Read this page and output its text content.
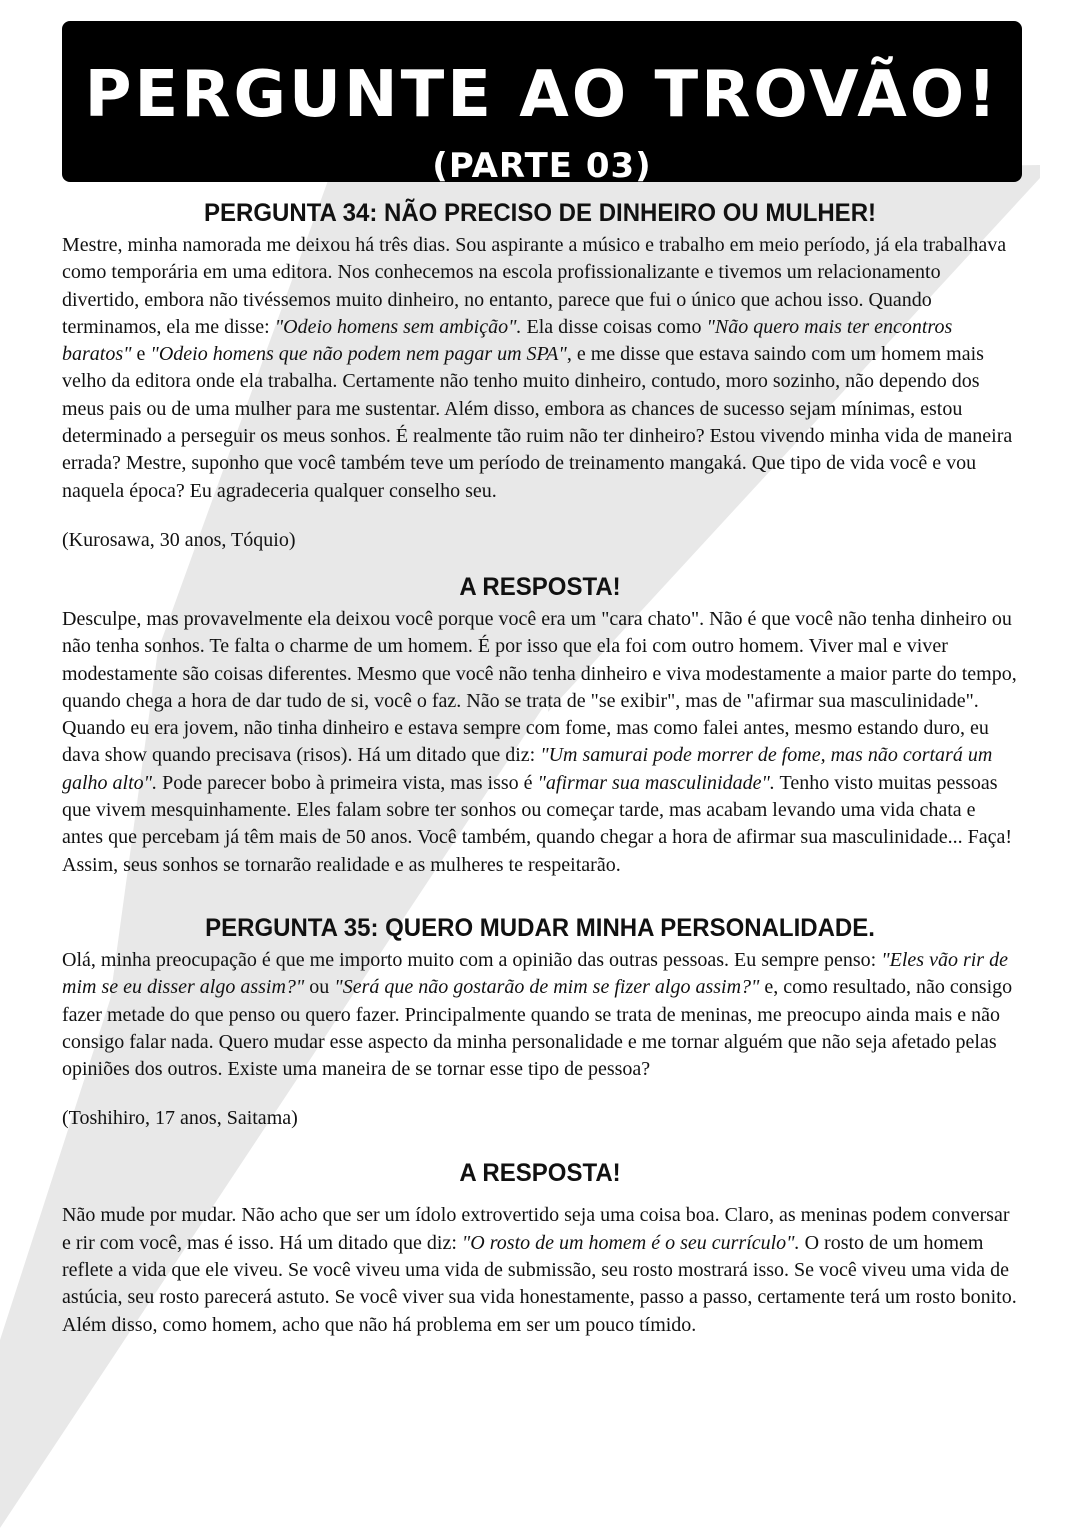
PERGUNTE AO TROVÃO!
(PARTE 03)
PERGUNTA 34: NÃO PRECISO DE DINHEIRO OU MULHER!

Mestre, minha namorada me deixou há três dias. Sou aspirante a músico e trabalho em meio período, já ela trabalhava como temporária em uma editora. Nos conhecemos na escola profissionalizante e tivemos um relacionamento divertido, embora não tivéssemos muito dinheiro, no entanto, parece que fui o único que achou isso. Quando terminamos, ela me disse: "Odeio homens sem ambição". Ela disse coisas como "Não quero mais ter encontros baratos" e "Odeio homens que não podem nem pagar um SPA", e me disse que estava saindo com um homem mais velho da editora onde ela trabalha. Certamente não tenho muito dinheiro, contudo, moro sozinho, não dependo dos meus pais ou de uma mulher para me sustentar. Além disso, embora as chances de sucesso sejam mínimas, estou determinado a perseguir os meus sonhos. É realmente tão ruim não ter dinheiro? Estou vivendo minha vida de maneira errada? Mestre, suponho que você também teve um período de treinamento mangaká. Que tipo de vida você e vou naquela época? Eu agradeceria qualquer conselho seu.

(Kurosawa, 30 anos, Tóquio)

A RESPOSTA!

Desculpe, mas provavelmente ela deixou você porque você era um "cara chato". Não é que você não tenha dinheiro ou não tenha sonhos. Te falta o charme de um homem. É por isso que ela foi com outro homem. Viver mal e viver modestamente são coisas diferentes. Mesmo que você não tenha dinheiro e viva modestamente a maior parte do tempo, quando chega a hora de dar tudo de si, você o faz. Não se trata de "se exibir", mas de "afirmar sua masculinidade". Quando eu era jovem, não tinha dinheiro e estava sempre com fome, mas como falei antes, mesmo estando duro, eu dava show quando precisava (risos). Há um ditado que diz: "Um samurai pode morrer de fome, mas não cortará um galho alto". Pode parecer bobo à primeira vista, mas isso é "afirmar sua masculinidade". Tenho visto muitas pessoas que vivem mesquinhamente. Eles falam sobre ter sonhos ou começar tarde, mas acabam levando uma vida chata e antes que percebam já têm mais de 50 anos. Você também, quando chegar a hora de afirmar sua masculinidade... Faça! Assim, seus sonhos se tornarão realidade e as mulheres te respeitarão.

PERGUNTA 35: QUERO MUDAR MINHA PERSONALIDADE.

Olá, minha preocupação é que me importo muito com a opinião das outras pessoas. Eu sempre penso: "Eles vão rir de mim se eu disser algo assim?" ou "Será que não gostarão de mim se fizer algo assim?" e, como resultado, não consigo fazer metade do que penso ou quero fazer. Principalmente quando se trata de meninas, me preocupo ainda mais e não consigo falar nada. Quero mudar esse aspecto da minha personalidade e me tornar alguém que não seja afetado pelas opiniões dos outros. Existe uma maneira de se tornar esse tipo de pessoa?

(Toshihiro, 17 anos, Saitama)

A RESPOSTA!

Não mude por mudar. Não acho que ser um ídolo extrovertido seja uma coisa boa. Claro, as meninas podem conversar e rir com você, mas é isso. Há um ditado que diz: "O rosto de um homem é o seu currículo". O rosto de um homem reflete a vida que ele viveu. Se você viveu uma vida de submissão, seu rosto mostrará isso. Se você viveu uma vida de astúcia, seu rosto parecerá astuto. Se você viver sua vida honestamente, passo a passo, certamente terá um rosto bonito. Além disso, como homem, acho que não há problema em ser um pouco tímido.
